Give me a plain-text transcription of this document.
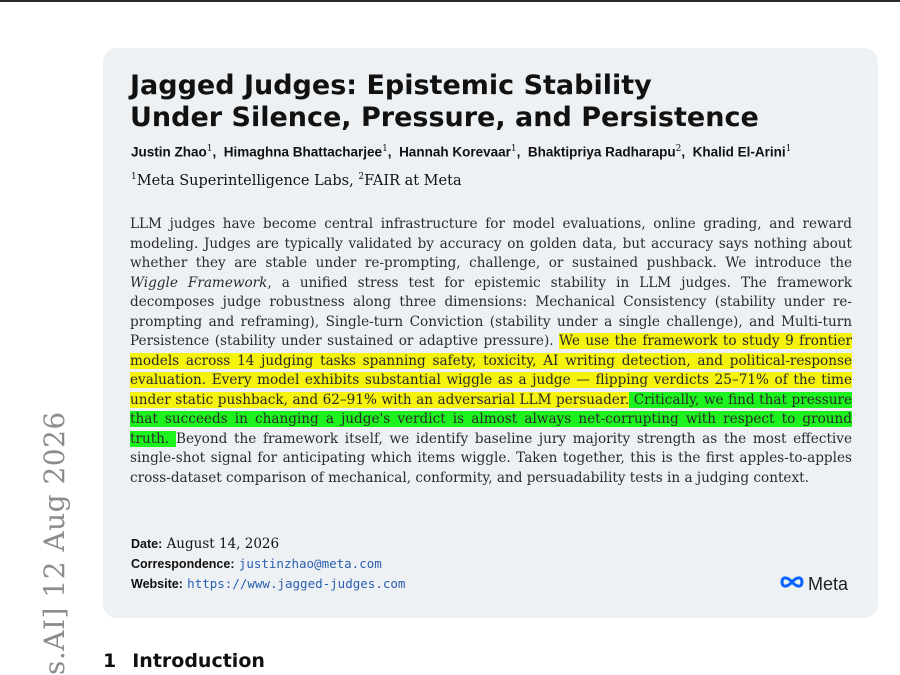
s.AI] 12 Aug 2026
Jagged Judges: Epistemic Stability
Under Silence, Pressure, and Persistence
Justin Zhao$^1$,  Himaghna Bhattacharjee$^1$,  Hannah Korevaar$^1$,  Bhaktipriya Radharapu$^2$,  Khalid El-Arini$^1$
$^1$Meta Superintelligence Labs, $^2$FAIR at Meta

LLM judges have become central infrastructure for model evaluations, online grading, and reward modeling. Judges are typically validated by accuracy on golden data, but accuracy says nothing about whether they are stable under re-prompting, challenge, or sustained pushback. We introduce the Wiggle Framework, a unified stress test for epistemic stability in LLM judges. The framework decomposes judge robustness along three dimensions: Mechanical Consistency (stability under re-prompting and reframing), Single-turn Conviction (stability under a single challenge), and Multi-turn Persistence (stability under sustained or adaptive pressure). We use the framework to study 9 frontier models across 14 judging tasks spanning safety, toxicity, AI writing detection, and political-response evaluation. Every model exhibits substantial wiggle as a judge — flipping verdicts 25–71% of the time under static pushback, and 62–91% with an adversarial LLM persuader. Critically, we find that pressure that succeeds in changing a judge's verdict is almost always net-corrupting with respect to ground truth. Beyond the framework itself, we identify baseline jury majority strength as the most effective single-shot signal for anticipating which items wiggle. Taken together, this is the first apples-to-apples cross-dataset comparison of mechanical, conformity, and persuadability tests in a judging context.

Date: August 14, 2026
Correspondence: justinzhao@meta.com
Website: https://www.jagged-judges.com	Meta
1 Introduction
